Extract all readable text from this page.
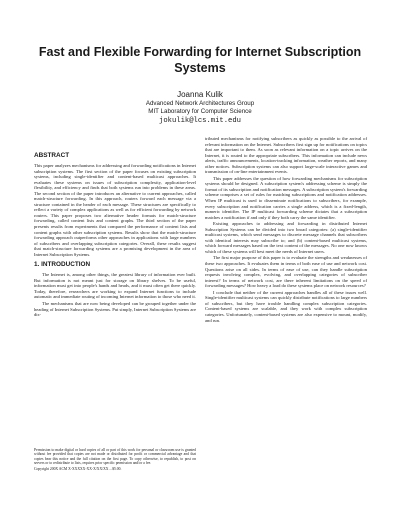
Fast and Flexible Forwarding for Internet Subscription Systems
Joanna Kulik
Advanced Network Architectures Group
MIT Laboratory for Computer Science
jokulik@lcs.mit.edu
ABSTRACT

This paper analyzes mechanisms for addressing and forwarding notifications in Internet subscription systems. The first section of the paper focuses on existing subscription systems, including single-identifier and content-based multicast approaches. It evaluates these systems on issues of subscription complexity, application-level flexibility, and efficiency and finds that both systems run into problems in these areas. The second section of the paper introduces an alternative to current approaches, called match-structure forwarding. In this approach, routers forward each message via a structure contained in the header of each message. These structures are specifically to reflect a variety of complex applications as well as for efficient forwarding by network routers. This paper proposes two alternative header formats for match-structure forwarding, called content lists and content graphs. The third section of the paper presents results from experiments that compared the performance of content lists and content graphs with other subscription systems. Results show that the match-structure forwarding approach outperforms other approaches in applications with large numbers of subscribers and overlapping subscription categories. Overall, these results suggest that match-structure forwarding systems are a promising development in the area of Internet Subscription Systems.

1. INTRODUCTION

The Internet is, among other things, the greatest library of information ever built. But information is not meant just for storage on library shelves. To be useful, information must get into people's hands and heads, and it must often get there quickly. Today, therefore, researchers are working to expand Internet functions to include automatic and immediate routing of incoming Internet information to those who need it.

The mechanisms that are now being developed can be grouped together under the heading of Internet Subscription Systems. Put simply, Internet Subscription Systems are dis-

tributed mechanisms for notifying subscribers as quickly as possible to the arrival of relevant information on the Internet. Subscribers first sign up for notifications on topics that are important to them. As soon as relevant information on a topic arrives on the Internet, it is routed to the appropriate subscribers. This information can include news alerts, traffic announcements, location-tracking information, weather reports, and many other notices. Subscription systems can also support large-scale interactive games and transmission of on-line entertainment events.

This paper addresses the question of how forwarding mechanisms for subscription systems should be designed. A subscription system's addressing scheme is simply the format of its subscription and notification messages. A subscription system's forwarding scheme comprises a set of rules for matching subscriptions and notification addresses. When IP multicast is used to disseminate notifications to subscribers, for example, every subscription and notification carries a single address, which is a fixed-length, numeric identifier. The IP multicast forwarding scheme dictates that a subscription matches a notification if and only if they both carry the same identifier.

Existing approaches to addressing and forwarding in distributed Internet Subscription Systems can be divided into two broad categories: (a) single-identifier multicast systems, which send messages to discrete message channels that subscribers with identical interests may subscribe to; and (b) content-based multicast systems, which forward messages based on the text content of the messages. No one now knows which of these systems will best meet the needs of Internet users.

The first major purpose of this paper is to evaluate the strengths and weaknesses of these two approaches. It evaluates them in terms of both ease of use and network cost. Questions arise on all sides. In terms of ease of use, can they handle subscription requests involving complex, evolving, and overlapping categories of subscriber interest? In terms of network cost, are there inherent limitations on the speed of forwarding messages? How heavy a load do these systems place on network resources?

I conclude that neither of the current approaches handles all of these issues well. Single-identifier multicast systems can quickly distribute notifications to large numbers of subscribers, but they have trouble handling complex subscription categories. Content-based systems are scalable, and they work with complex subscription categories. Unfortunately, content-based systems are also expensive to mount, modify, and run.

Permission to make digital or hard copies of all or part of this work for personal or classroom use is granted without fee provided that copies are not made or distributed for profit or commercial advantage and that copies bear this notice and the full citation on the first page. To copy otherwise, to republish, to post on servers or to redistribute to lists, requires prior specific permission and/or a fee.

Copyright 200X ACM X-XXXXX-XX-X/XX/XX ...$5.00.
